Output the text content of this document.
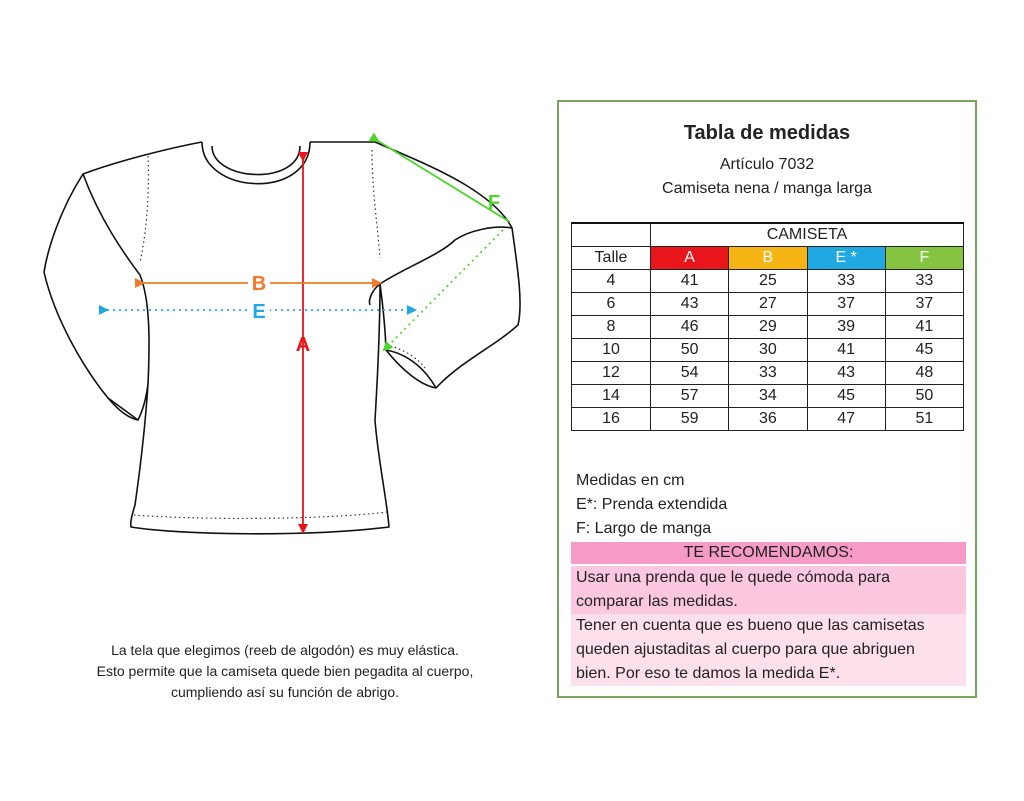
A
B
E
F
La tela que elegimos (reeb de algodón) es muy elástica.
Esto permite que la camiseta quede bien pegadita al cuerpo,
cumpliendo así su función de abrigo.
Tabla de medidas
Artículo 7032
Camiseta nena / manga larga
	CAMISETA			
Talle	A	B	E *	F
4	41	25	33	33
6	43	27	37	37
8	46	29	39	41
10	50	30	41	45
12	54	33	43	48
14	57	34	45	50
16	59	36	47	51
Medidas en cm
E*: Prenda extendida
F: Largo de manga
TE RECOMENDAMOS:
Usar una prenda que le quede cómoda para
comparar las medidas.
Tener en cuenta que es bueno que las camisetas
queden ajustaditas al cuerpo para que abriguen
bien. Por eso te damos la medida E*.
